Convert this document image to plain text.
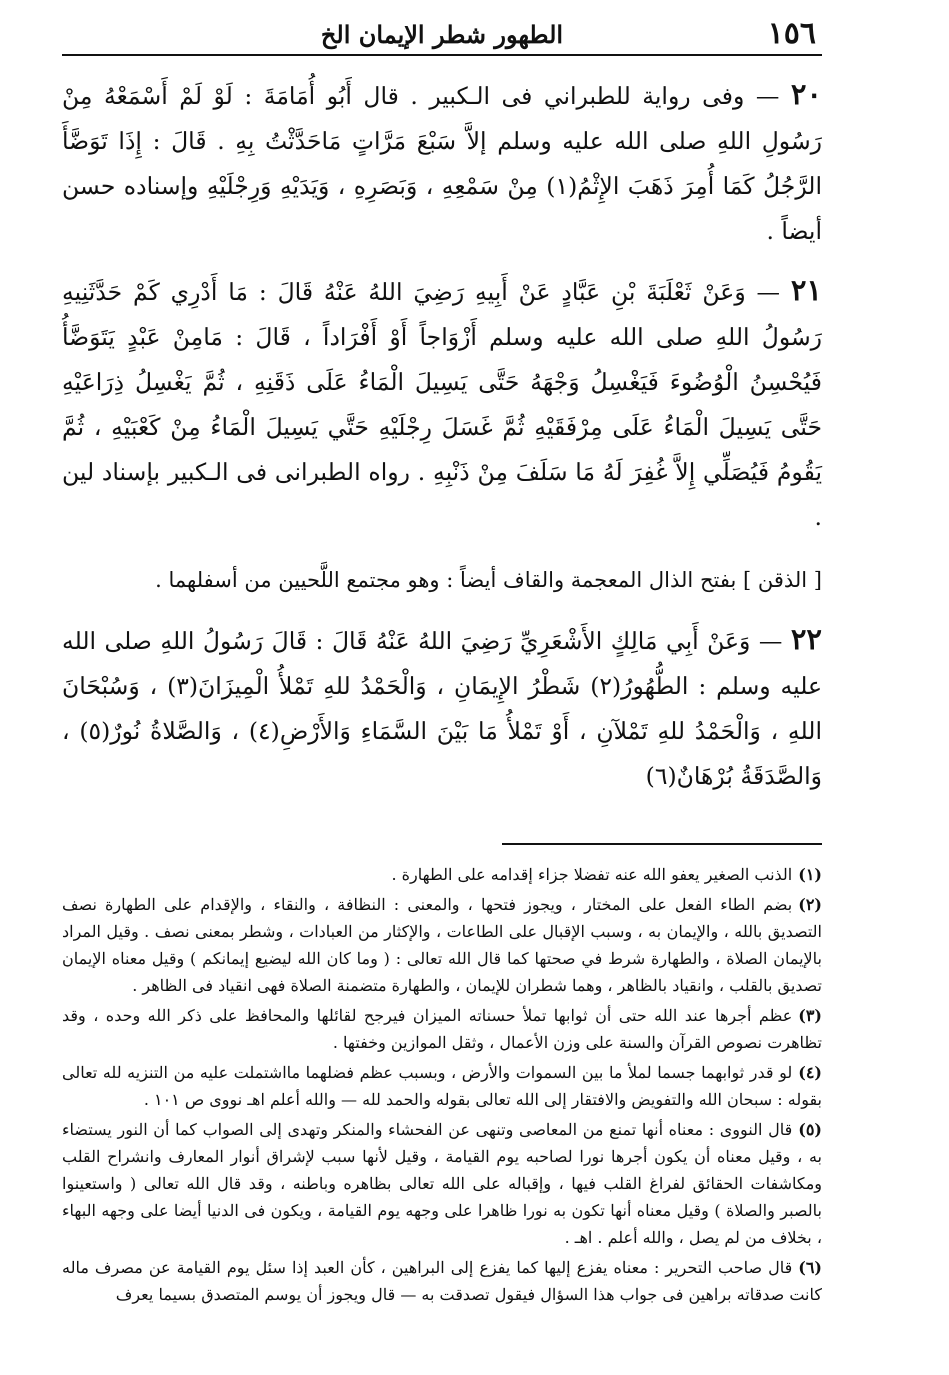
١٥٦
الطهور شطر الإيمان الخ

٢٠ — وفى رواية للطبراني فى الـكبير . قال أَبُو أُمَامَةَ : لَوْ لَمْ أَسْمَعْهُ مِنْ رَسُولِ اللهِ صلى الله عليه وسلم إلاَّ سَبْعَ مَرَّاتٍ مَاحَدَّثْتُ بِهِ . قَالَ : إِذَا تَوَضَّأَ الرَّجُلُ كَمَا أُمِرَ ذَهَبَ الإِثْمُ(١) مِنْ سَمْعِهِ ، وَبَصَرِهِ ، وَيَدَيْهِ وَرِجْلَيْهِ وإسناده حسن أيضاً .

٢١ — وَعَنْ ثَعْلَبَةَ بْنِ عَبَّادٍ عَنْ أَبِيهِ رَضِيَ اللهُ عَنْهُ قَالَ : مَا أَدْرِي كَمْ حَدَّثَنِيهِ رَسُولُ اللهِ صلى الله عليه وسلم أَزْوَاجاً أَوْ أَفْرَاداً ، قَالَ : مَامِنْ عَبْدٍ يَتَوَضَّأُ فَيُحْسِنُ الْوُضُوءَ فَيَغْسِلُ وَجْهَهُ حَتَّى يَسِيلَ الْمَاءُ عَلَى ذَقَنِهِ ، ثُمَّ يَغْسِلُ ذِرَاعَيْهِ حَتَّى يَسِيلَ الْمَاءُ عَلَى مِرْفَقَيْهِ ثُمَّ غَسَلَ رِجْلَيْهِ حَتَّي يَسِيلَ الْمَاءُ مِنْ كَعْبَيْهِ ، ثُمَّ يَقُومُ فَيُصَلِّي إِلاَّ غُفِرَ لَهُ مَا سَلَفَ مِنْ ذَنْبِهِ . رواه الطبرانى فى الـكبير بإسناد لين .

[ الذقن ] بفتح الذال المعجمة والقاف أيضاً : وهو مجتمع اللَّحيين من أسفلهما .

٢٢ — وَعَنْ أَبِي مَالِكٍ الأَشْعَرِيِّ رَضِيَ اللهُ عَنْهُ قَالَ : قَالَ رَسُولُ اللهِ صلى الله عليه وسلم : الطُّهُورُ(٢) شَطْرُ الإِيمَانِ ، وَالْحَمْدُ للهِ تَمْلأُ الْمِيزَانَ(٣) ، وَسُبْحَانَ اللهِ ، وَالْحَمْدُ للهِ تَمْلآنِ ، أَوْ تَمْلأُ مَا بَيْنَ السَّمَاءِ وَالأَرْضِ(٤) ، وَالصَّلاةُ نُورٌ(٥) ، وَالصَّدَقَةُ بُرْهَانٌ(٦)

(١)الذنب الصغير يعفو الله عنه تفضلا جزاء إقدامه على الطهارة .

(٢)بضم الطاء الفعل على المختار ، ويجوز فتحها ، والمعنى : النظافة ، والنقاء ، والإقدام على الطهارة نصف التصديق بالله ، والإيمان به ، وسبب الإقبال على الطاعات ، والإكثار من العبادات ، وشطر بمعنى نصف . وقيل المراد بالإيمان الصلاة ، والطهارة شرط في صحتها كما قال الله تعالى : ( وما كان الله ليضيع إيمانكم ) وقيل معناه الإيمان تصديق بالقلب ، وانقياد بالظاهر ، وهما شطران للإيمان ، والطهارة متضمنة الصلاة فهى انقياد فى الظاهر .

(٣)عظم أجرها عند الله حتى أن ثوابها تملأ حسناته الميزان فيرجح لقائلها والمحافظ على ذكر الله وحده ، وقد تظاهرت نصوص القرآن والسنة على وزن الأعمال ، وثقل الموازين وخفتها .

(٤)لو قدر ثوابهما جسما لملأ ما بين السموات والأرض ، وبسبب عظم فضلهما مااشتملت عليه من التنزيه لله تعالى بقوله : سبحان الله والتفويض والافتقار إلى الله تعالى بقوله والحمد لله — والله أعلم اهـ نووى ص ١٠١ .

(٥)قال النووى : معناه أنها تمنع من المعاصى وتنهى عن الفحشاء والمنكر وتهدى إلى الصواب كما أن النور يستضاء به ، وقيل معناه أن يكون أجرها نورا لصاحبه يوم القيامة ، وقيل لأنها سبب لإشراق أنوار المعارف وانشراح القلب ومكاشفات الحقائق لفراغ القلب فيها ، وإقباله على الله تعالى بظاهره وباطنه ، وقد قال الله تعالى ( واستعينوا بالصبر والصلاة ) وقيل معناه أنها تكون به نورا ظاهرا على وجهه يوم القيامة ، ويكون فى الدنيا أيضا على وجهه البهاء ، بخلاف من لم يصل ، والله أعلم . اهـ .

(٦)قال صاحب التحرير : معناه يفزع إليها كما يفزع إلى البراهين ، كأن العبد إذا سئل يوم القيامة عن مصرف ماله كانت صدقاته براهين فى جواب هذا السؤال فيقول تصدقت به — قال ويجوز أن يوسم المتصدق بسيما يعرف
